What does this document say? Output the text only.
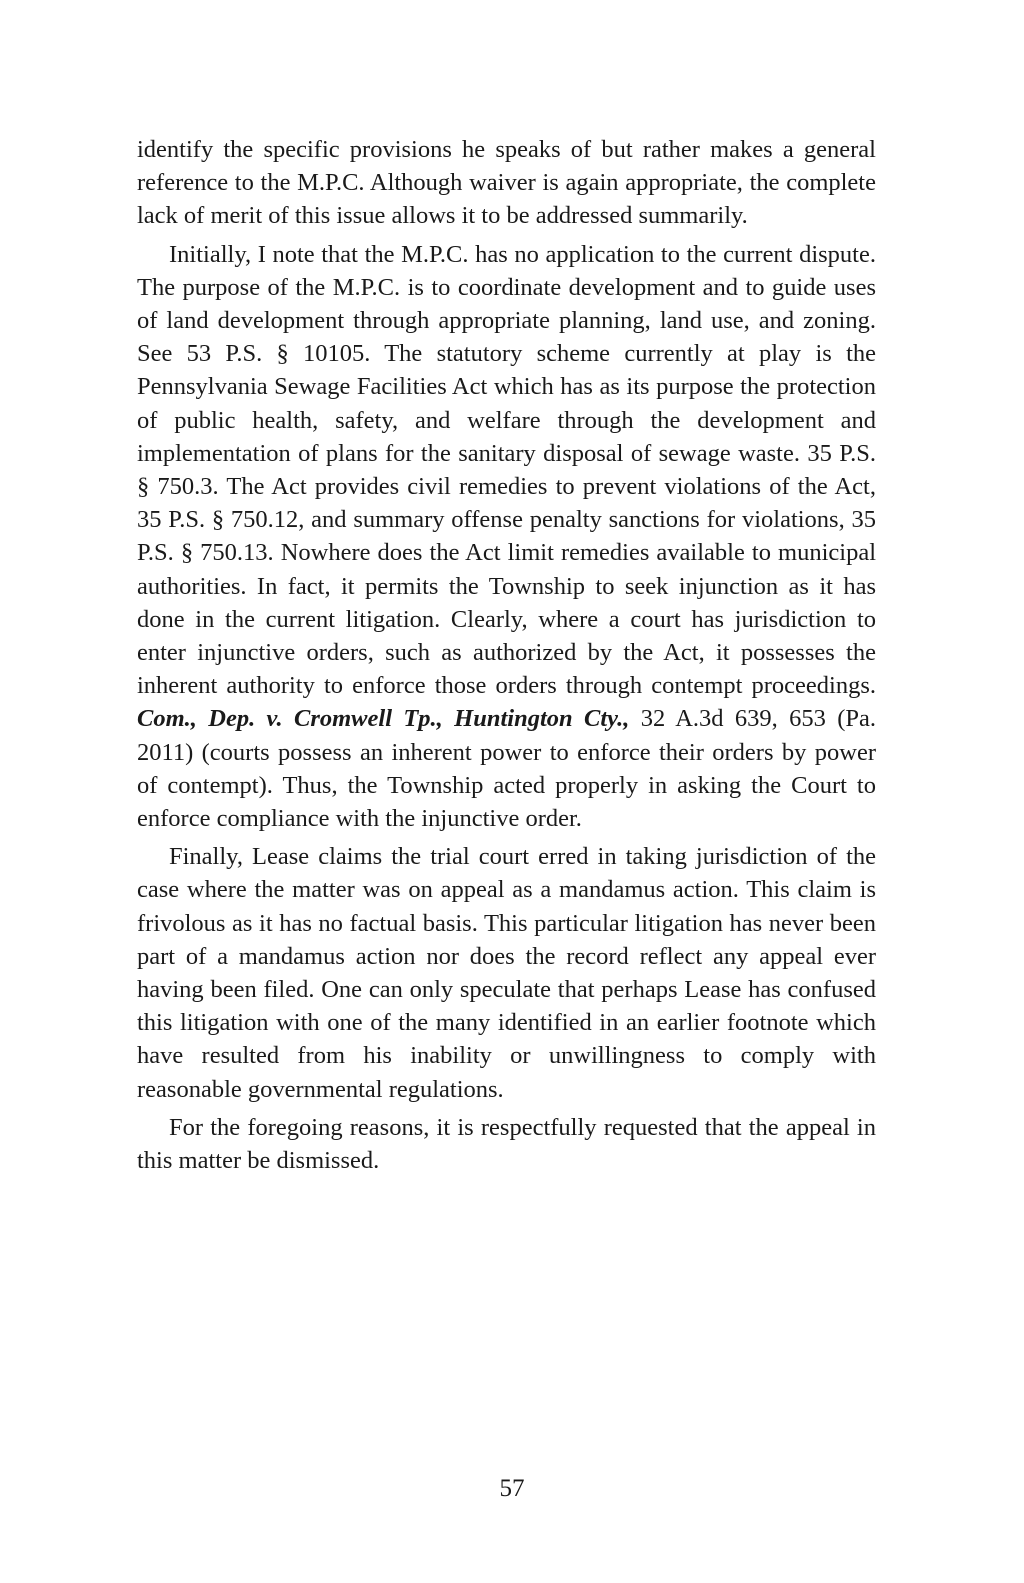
identify the specific provisions he speaks of but rather makes a general reference to the M.P.C. Although waiver is again appropriate, the complete lack of merit of this issue allows it to be addressed summarily.

Initially, I note that the M.P.C. has no application to the current dispute. The purpose of the M.P.C. is to coordinate development and to guide uses of land development through appropriate planning, land use, and zoning. See 53 P.S. § 10105. The statutory scheme currently at play is the Pennsylvania Sewage Facilities Act which has as its purpose the protection of public health, safety, and welfare through the development and implementation of plans for the sanitary disposal of sewage waste. 35 P.S. § 750.3. The Act provides civil remedies to prevent violations of the Act, 35 P.S. § 750.12, and summary offense penalty sanctions for violations, 35 P.S. § 750.13. Nowhere does the Act limit remedies available to municipal authorities. In fact, it permits the Township to seek injunction as it has done in the current litigation. Clearly, where a court has jurisdiction to enter injunctive orders, such as authorized by the Act, it possesses the inherent authority to enforce those orders through contempt proceedings. Com., Dep. v. Cromwell Tp., Huntington Cty., 32 A.3d 639, 653 (Pa. 2011) (courts possess an inherent power to enforce their orders by power of contempt). Thus, the Township acted properly in asking the Court to enforce compliance with the injunctive order.

Finally, Lease claims the trial court erred in taking jurisdiction of the case where the matter was on appeal as a mandamus action. This claim is frivolous as it has no factual basis. This particular litigation has never been part of a mandamus action nor does the record reflect any appeal ever having been filed. One can only speculate that perhaps Lease has confused this litigation with one of the many identified in an earlier footnote which have resulted from his inability or unwillingness to comply with reasonable governmental regulations.

For the foregoing reasons, it is respectfully requested that the appeal in this matter be dismissed.

57
